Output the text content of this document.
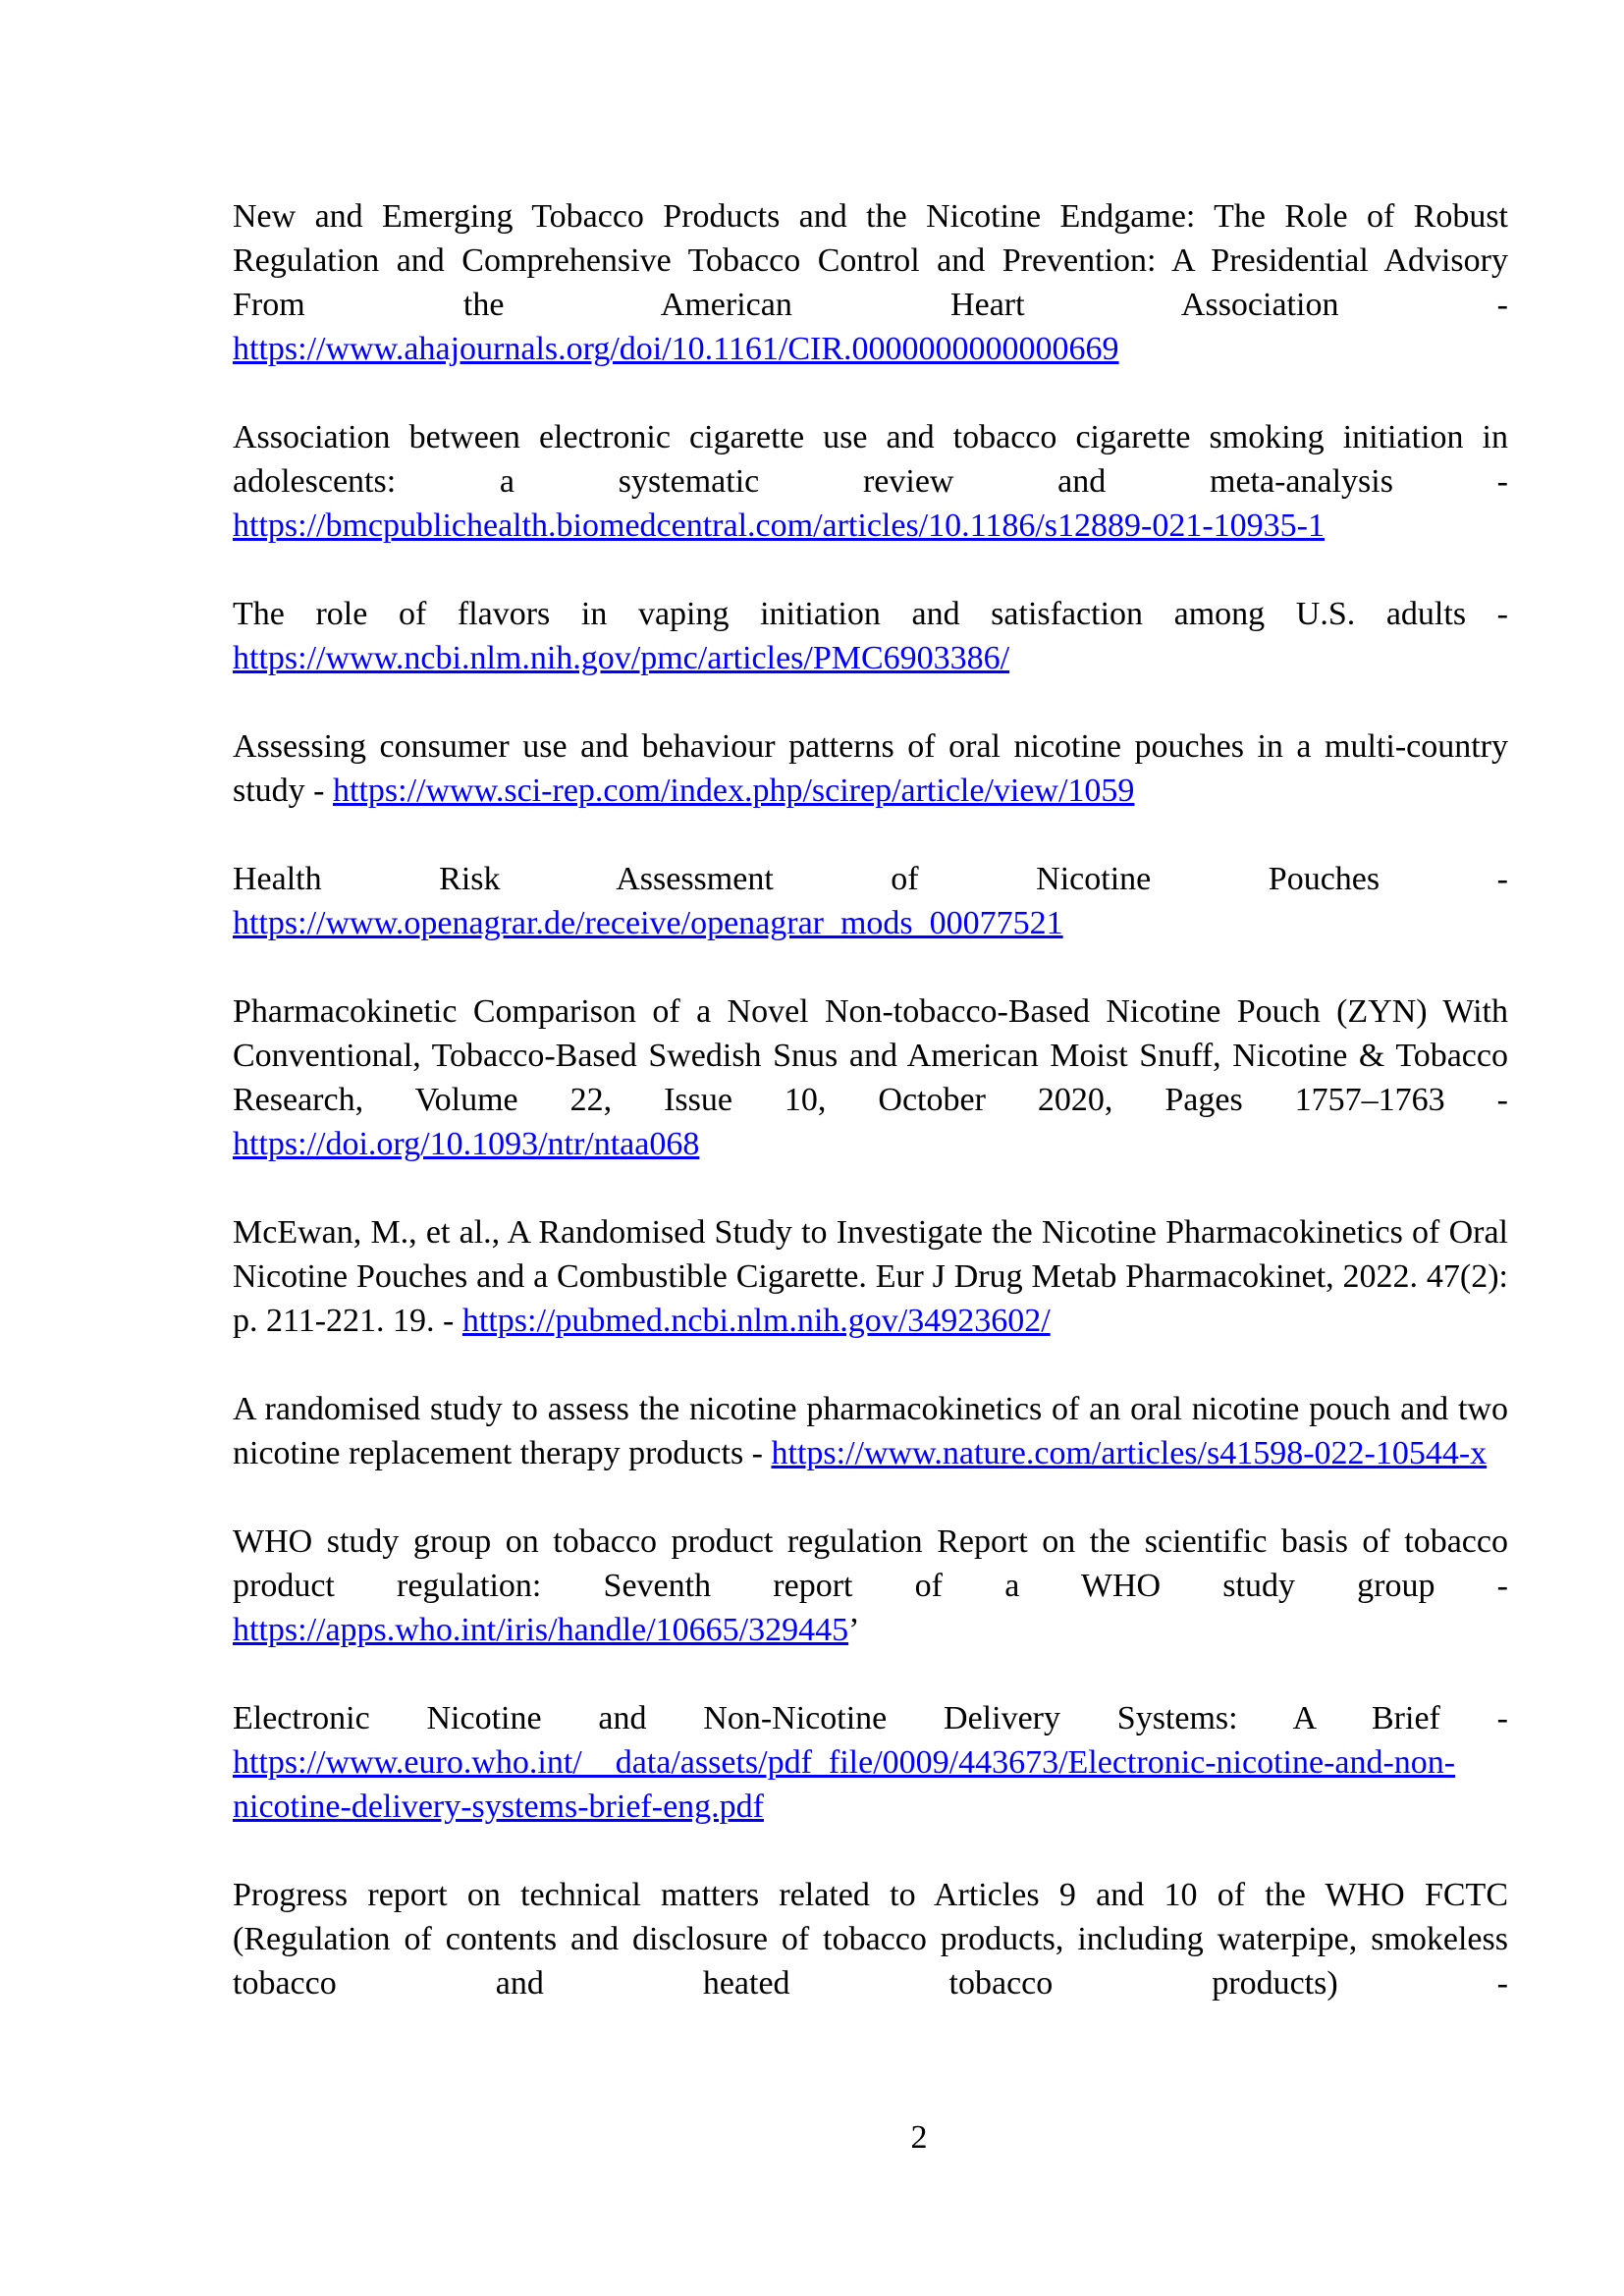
New and Emerging Tobacco Products and the Nicotine Endgame: The Role of Robust Regulation and Comprehensive Tobacco Control and Prevention: A Presidential Advisory From the American Heart Association - https://www.ahajournals.org/doi/10.1161/CIR.0000000000000669

Association between electronic cigarette use and tobacco cigarette smoking initiation in adolescents: a systematic review and meta-analysis - https://bmcpublichealth.biomedcentral.com/articles/10.1186/s12889-021-10935-1

The role of flavors in vaping initiation and satisfaction among U.S. adults - https://www.ncbi.nlm.nih.gov/pmc/articles/PMC6903386/

Assessing consumer use and behaviour patterns of oral nicotine pouches in a multi-country study - https://www.sci-rep.com/index.php/scirep/article/view/1059

Health Risk Assessment of Nicotine Pouches - https://www.openagrar.de/receive/openagrar_mods_00077521

Pharmacokinetic Comparison of a Novel Non-tobacco-Based Nicotine Pouch (ZYN) With Conventional, Tobacco-Based Swedish Snus and American Moist Snuff, Nicotine & Tobacco Research, Volume 22, Issue 10, October 2020, Pages 1757–1763 - https://doi.org/10.1093/ntr/ntaa068

McEwan, M., et al., A Randomised Study to Investigate the Nicotine Pharmacokinetics of Oral Nicotine Pouches and a Combustible Cigarette. Eur J Drug Metab Pharmacokinet, 2022. 47(2): p. 211-221. 19. - https://pubmed.ncbi.nlm.nih.gov/34923602/

A randomised study to assess the nicotine pharmacokinetics of an oral nicotine pouch and two nicotine replacement therapy products - https://www.nature.com/articles/s41598-022-10544-x

WHO study group on tobacco product regulation Report on the scientific basis of tobacco product regulation: Seventh report of a WHO study group - https://apps.who.int/iris/handle/10665/329445’

Electronic Nicotine and Non-Nicotine Delivery Systems: A Brief - https://www.euro.who.int/__data/assets/pdf_file/0009/443673/Electronic-nicotine-and-non-nicotine-delivery-systems-brief-eng.pdf

Progress report on technical matters related to Articles 9 and 10 of the WHO FCTC (Regulation of contents and disclosure of tobacco products, including waterpipe, smokeless tobacco and heated tobacco products) -

2
